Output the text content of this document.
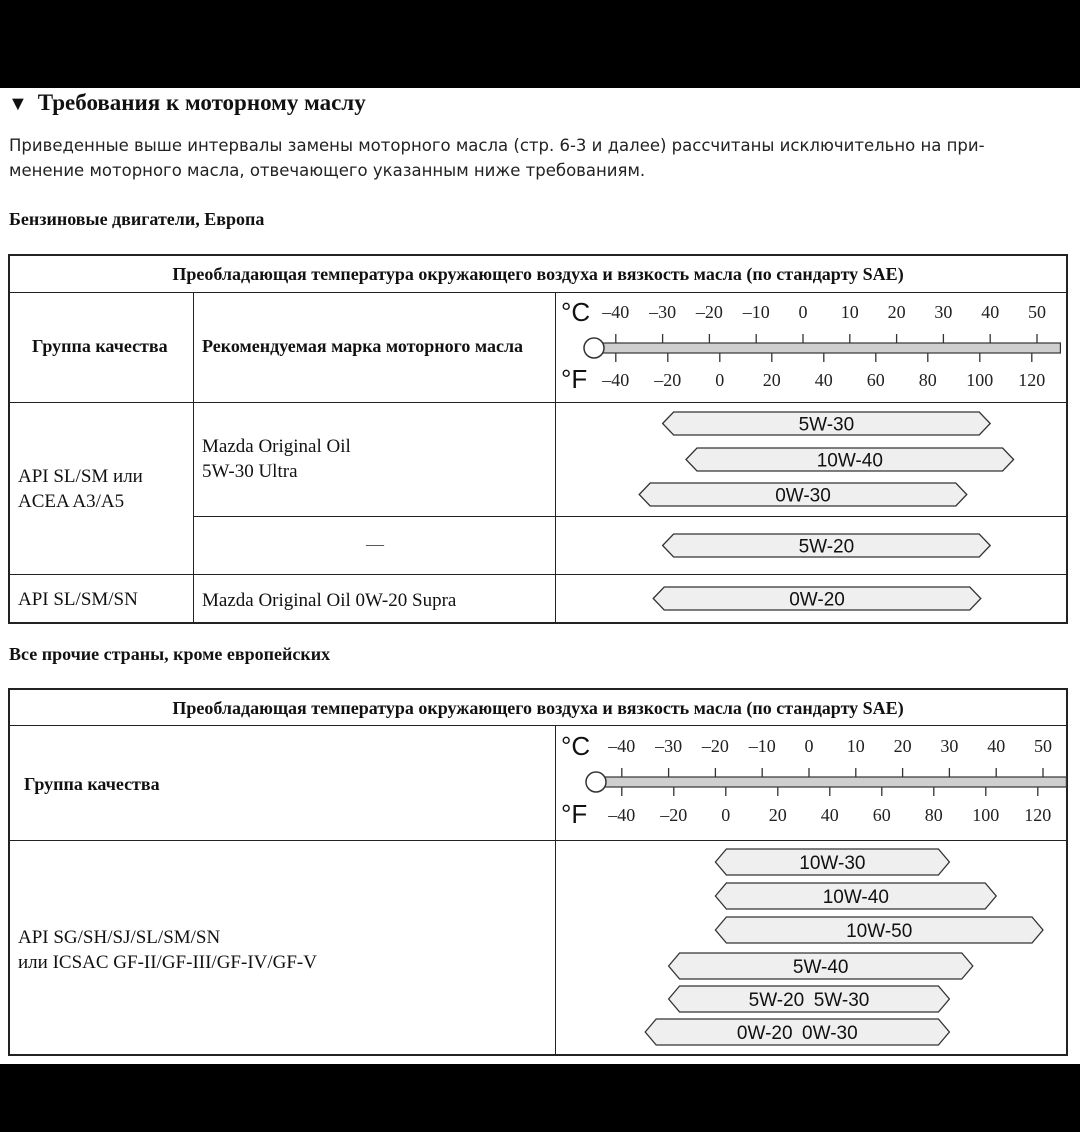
▼ Требования к моторному маслу
Приведенные выше интервалы замены моторного масла (стр. 6-3 и далее) рассчитаны исключительно на при-
менение моторного масла, отвечающего указанным ниже требованиям.
Бензиновые двигатели, Европа
Преобладающая температура окружающего воздуха и вязкость масла (по стандарту SAE)
Группа качества Рекомендуемая марка моторного масла
API SL/SM или
ACEA A3/A5
Mazda Original Oil
5W-30 Ultra
—
API SL/SM/SN	Mazda Original Oil 0W-20 Supra
°C
°F
–40 –30 –20 –10 0 10 20 30 40 50
–40 –20 0 20 40 60 80 100 120
5W-30
10W-40
0W-30
5W-20
0W-20
Все прочие страны, кроме европейских
Преобладающая температура окружающего воздуха и вязкость масла (по стандарту SAE)
Группа качества
API SG/SH/SJ/SL/SM/SN
или ICSAC GF-II/GF-III/GF-IV/GF-V
°C
°F
–40 –30 –20 –10 0 10 20 30 40 50
–40 –20 0 20 40 60 80 100 120
10W-30
10W-40
10W-50
5W-40
5W-20 5W-30
0W-20 0W-30
